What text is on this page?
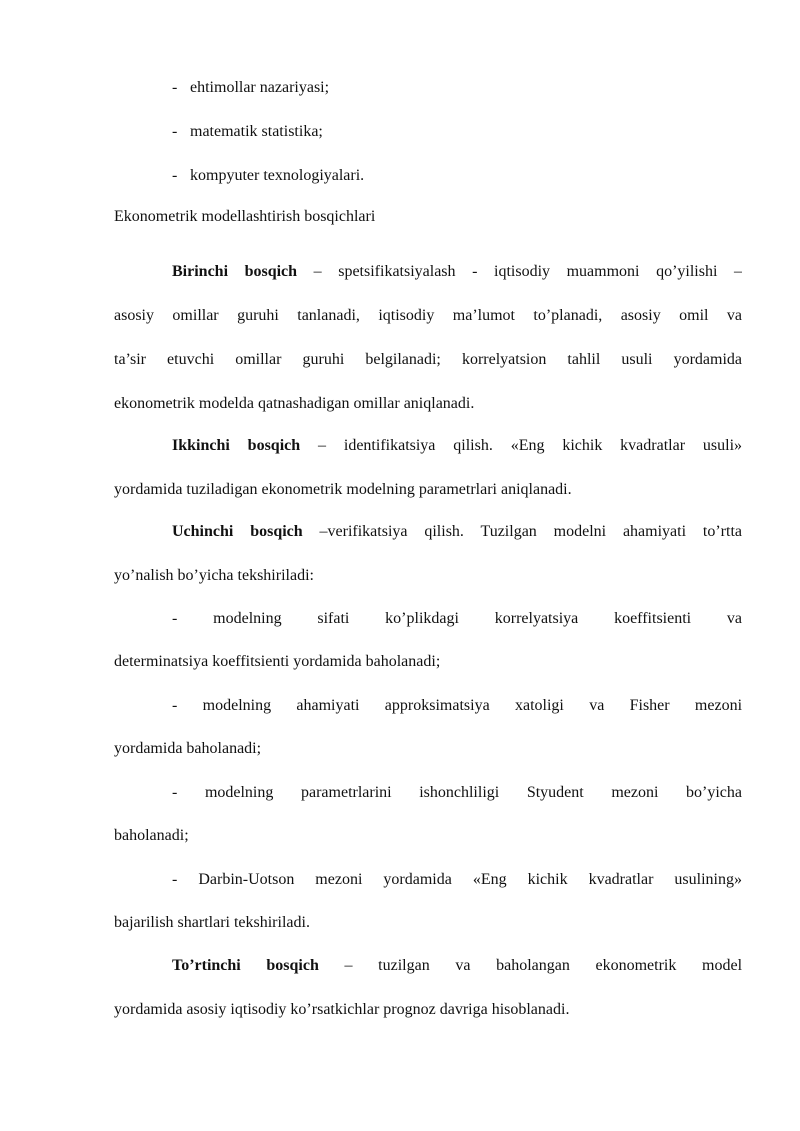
- ehtimollar nazariyasi;
- matematik statistika;
- kompyuter texnologiyalari.
Ekonometrik modellashtirish bosqichlari
Birinchi bosqich – spetsifikatsiyalash - iqtisodiy muammoni qo’yilishi –
asosiy omillar guruhi tanlanadi, iqtisodiy ma’lumot to’planadi, asosiy omil va
ta’sir etuvchi omillar guruhi belgilanadi; korrelyatsion tahlil usuli yordamida
ekonometrik modelda qatnashadigan omillar aniqlanadi.
Ikkinchi bosqich – identifikatsiya qilish. «Eng kichik kvadratlar usuli»
yordamida tuziladigan ekonometrik modelning parametrlari aniqlanadi.
Uchinchi bosqich –verifikatsiya qilish. Tuzilgan modelni ahamiyati to’rtta
yo’nalish bo’yicha tekshiriladi:
- modelning sifati ko’plikdagi korrelyatsiya koeffitsienti va
determinatsiya koeffitsienti yordamida baholanadi;
- modelning ahamiyati approksimatsiya xatoligi va Fisher mezoni
yordamida baholanadi;
- modelning parametrlarini ishonchliligi Styudent mezoni bo’yicha
baholanadi;
- Darbin-Uotson mezoni yordamida «Eng kichik kvadratlar usulining»
bajarilish shartlari tekshiriladi.
To’rtinchi bosqich – tuzilgan va baholangan ekonometrik model
yordamida asosiy iqtisodiy ko’rsatkichlar prognoz davriga hisoblanadi.
